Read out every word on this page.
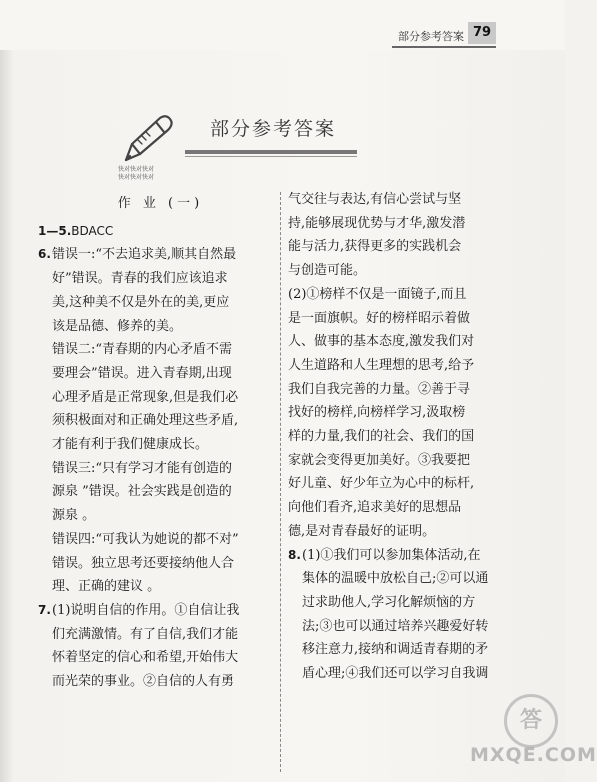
部分参考答案 79
快对快对快对
快对快对快对
部分参考答案
作 业 (一)

1—5.BDACC

6.错误一:“不去追求美,顺其自然最

好”错误。青春的我们应该追求

美,这种美不仅是外在的美,更应

该是品德、修养的美。

错误二:“青春期的内心矛盾不需

要理会”错误。进入青春期,出现

心理矛盾是正常现象,但是我们必

须积极面对和正确处理这些矛盾,

才能有利于我们健康成长。

错误三:“只有学习才能有创造的

源泉 ”错误。社会实践是创造的

源泉 。

错误四:“可我认为她说的都不对”

错误。独立思考还要接纳他人合

理、正确的建议 。

7.(1)说明自信的作用。①自信让我

们充满激情。有了自信,我们才能

怀着坚定的信心和希望,开始伟大

而光荣的事业。②自信的人有勇

气交往与表达,有信心尝试与坚

持,能够展现优势与才华,激发潜

能与活力,获得更多的实践机会

与创造可能。

(2)①榜样不仅是一面镜子,而且

是一面旗帜。好的榜样昭示着做

人、做事的基本态度,激发我们对

人生道路和人生理想的思考,给予

我们自我完善的力量。②善于寻

找好的榜样,向榜样学习,汲取榜

样的力量,我们的社会、我们的国

家就会变得更加美好。③我要把

好儿童、好少年立为心中的标杆,

向他们看齐,追求美好的思想品

德,是对青春最好的证明。

8.(1)①我们可以参加集体活动,在

集体的温暖中放松自己;②可以通

过求助他人,学习化解烦恼的方

法;③也可以通过培养兴趣爱好转

移注意力,接纳和调适青春期的矛

盾心理;④我们还可以学习自我调

答
MXQE.COM
